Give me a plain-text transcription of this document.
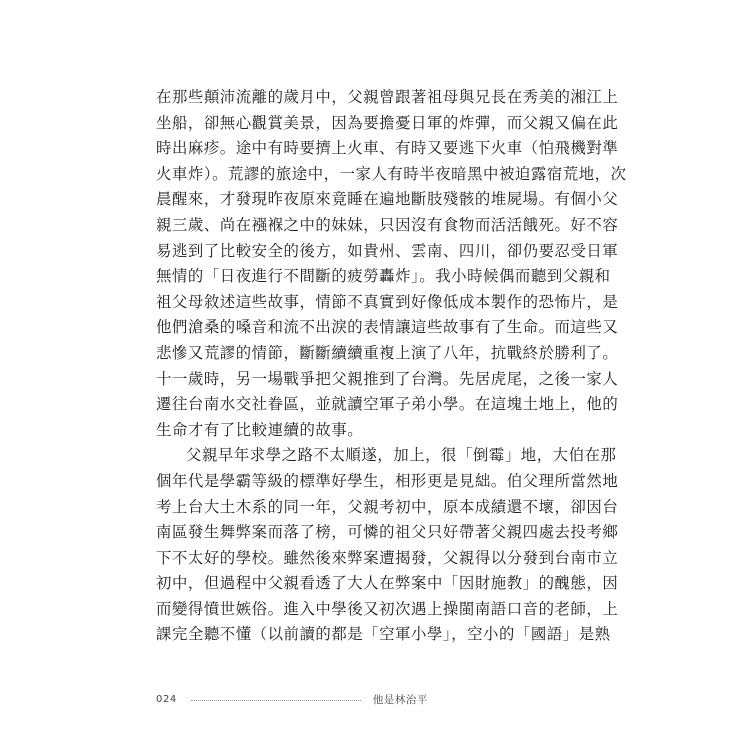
在那些顛沛流離的歲月中，父親曾跟著祖母與兄長在秀美的湘江上
坐船，卻無心觀賞美景，因為要擔憂日軍的炸彈，而父親又偏在此
時出麻疹。途中有時要擠上火車、有時又要逃下火車（怕飛機對準
火車炸）。荒謬的旅途中，一家人有時半夜暗黑中被迫露宿荒地，次
晨醒來，才發現昨夜原來竟睡在遍地斷肢殘骸的堆屍場。有個小父
親三歲、尚在襁褓之中的妹妹，只因沒有食物而活活餓死。好不容
易逃到了比較安全的後方，如貴州、雲南、四川，卻仍要忍受日軍
無情的「日夜進行不間斷的疲勞轟炸」。我小時候偶而聽到父親和
祖父母敘述這些故事，情節不真實到好像低成本製作的恐怖片，是
他們滄桑的嗓音和流不出淚的表情讓這些故事有了生命。而這些又
悲慘又荒謬的情節，斷斷續續重複上演了八年，抗戰終於勝利了。
十一歲時，另一場戰爭把父親推到了台灣。先居虎尾，之後一家人
遷往台南水交社眷區，並就讀空軍子弟小學。在這塊土地上，他的
生命才有了比較連續的故事。
父親早年求學之路不太順遂，加上，很「倒霉」地，大伯在那
個年代是學霸等級的標準好學生，相形更是見絀。伯父理所當然地
考上台大土木系的同一年，父親考初中，原本成績還不壞，卻因台
南區發生舞弊案而落了榜，可憐的祖父只好帶著父親四處去投考鄉
下不太好的學校。雖然後來弊案遭揭發，父親得以分發到台南市立
初中，但過程中父親看透了大人在弊案中「因財施教」的醜態，因
而變得憤世嫉俗。進入中學後又初次遇上操閩南語口音的老師，上
課完全聽不懂（以前讀的都是「空軍小學」，空小的「國語」是熟
024	他是林治平
